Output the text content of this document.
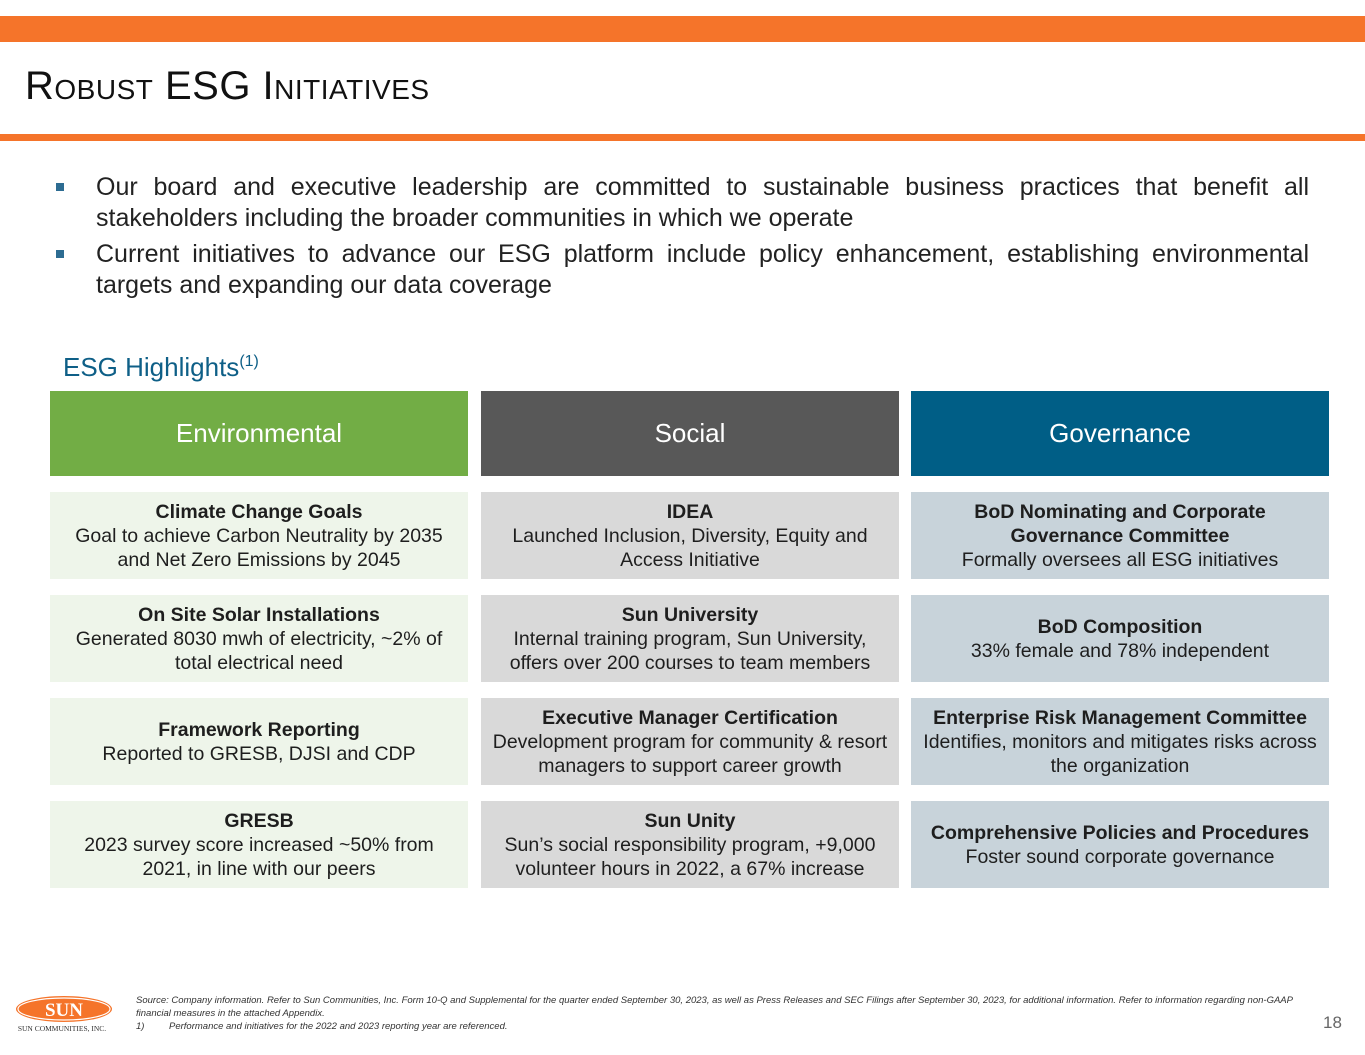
Robust ESG Initiatives
Our board and executive leadership are committed to sustainable business practices that benefit all stakeholders including the broader communities in which we operate
Current initiatives to advance our ESG platform include policy enhancement, establishing environmental targets and expanding our data coverage
ESG Highlights$^{(1)}$
Environmental
Climate Change Goals
Goal to achieve Carbon Neutrality by 2035 and Net Zero Emissions by 2045
On Site Solar Installations
Generated 8030 mwh of electricity, ~2% of total electrical need
Framework Reporting
Reported to GRESB, DJSI and CDP
GRESB
2023 survey score increased ~50% from 2021, in line with our peers
Social
IDEA
Launched Inclusion, Diversity, Equity and Access Initiative
Sun University
Internal training program, Sun University, offers over 200 courses to team members
Executive Manager Certification
Development program for community & resort managers to support career growth
Sun Unity
Sun’s social responsibility program, +9,000 volunteer hours in 2022, a 67% increase
Governance
BoD Nominating and Corporate Governance Committee
Formally oversees all ESG initiatives
BoD Composition
33% female and 78% independent
Enterprise Risk Management Committee
Identifies, monitors and mitigates risks across the organization
Comprehensive Policies and Procedures
Foster sound corporate governance
SUN
SUN COMMUNITIES, INC.
Source: Company information. Refer to Sun Communities, Inc. Form 10-Q and Supplemental for the quarter ended September 30, 2023, as well as Press Releases and SEC Filings after September 30, 2023, for additional information. Refer to information regarding non-GAAP financial measures in the attached Appendix.
1)	Performance and initiatives for the 2022 and 2023 reporting year are referenced.	18
